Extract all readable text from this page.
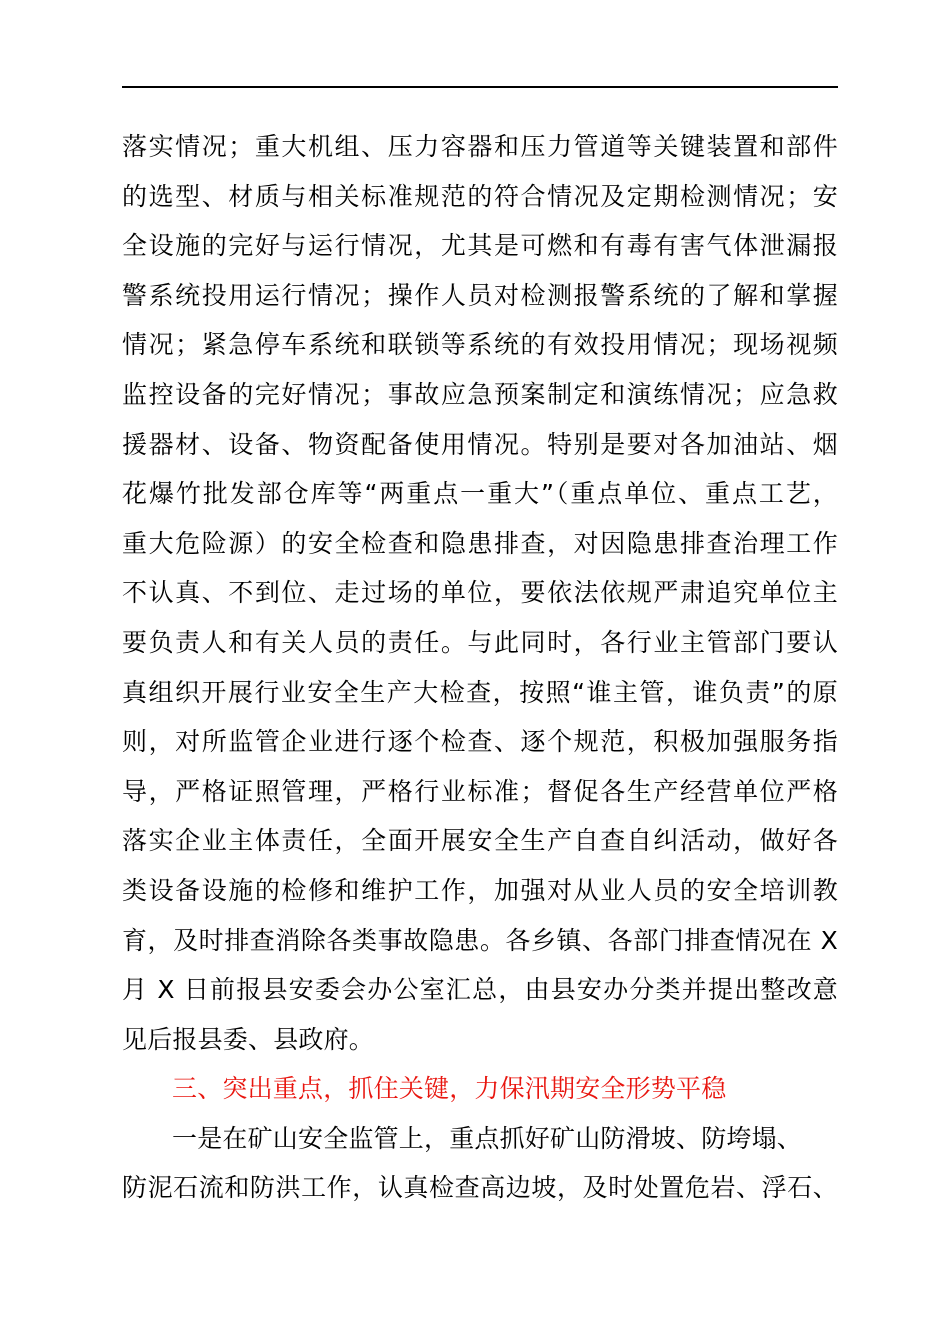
落实情况；重大机组、压力容器和压力管道等关键装置和部件
的选型、材质与相关标准规范的符合情况及定期检测情况；安
全设施的完好与运行情况，尤其是可燃和有毒有害气体泄漏报
警系统投用运行情况；操作人员对检测报警系统的了解和掌握
情况；紧急停车系统和联锁等系统的有效投用情况；现场视频
监控设备的完好情况；事故应急预案制定和演练情况；应急救
援器材、设备、物资配备使用情况。特别是要对各加油站、烟
花爆竹批发部仓库等“两重点一重大”（重点单位、重点工艺，
重大危险源）的安全检查和隐患排查，对因隐患排查治理工作
不认真、不到位、走过场的单位，要依法依规严肃追究单位主
要负责人和有关人员的责任。与此同时，各行业主管部门要认
真组织开展行业安全生产大检查，按照“谁主管，谁负责”的原
则，对所监管企业进行逐个检查、逐个规范，积极加强服务指
导，严格证照管理，严格行业标准；督促各生产经营单位严格
落实企业主体责任，全面开展安全生产自查自纠活动，做好各
类设备设施的检修和维护工作，加强对从业人员的安全培训教
育，及时排查消除各类事故隐患。各乡镇、各部门排查情况在 X
月 X 日前报县安委会办公室汇总，由县安办分类并提出整改意
见后报县委、县政府。
三、突出重点，抓住关键，力保汛期安全形势平稳
一是在矿山安全监管上，重点抓好矿山防滑坡、防垮塌、
防泥石流和防洪工作，认真检查高边坡，及时处置危岩、浮石、
